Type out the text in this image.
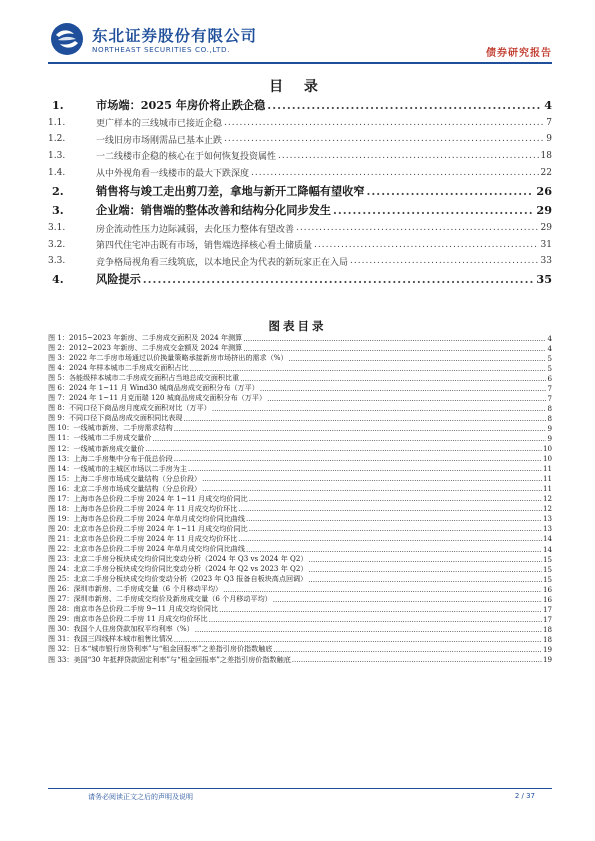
东北证券股份有限公司
NORTHEAST SECURITIES CO.,LTD.	债券研究报告
目 录
1.	市场端：2025 年房价将止跌企稳 .....	4
1.1.	更广样本的三线城市已接近企稳 .....	7
1.2.	一线旧房市场刚需品已基本止跌 .....	9
1.3.	一二线楼市企稳的核心在于如何恢复投资属性 .....	18
1.4.	从中外视角看一线楼市的最大下跌深度 .....	22
2.	销售将与竣工走出剪刀差，拿地与新开工降幅有望收窄 .....	26
3.	企业端：销售端的整体改善和结构分化同步发生 .....	29
3.1.	房企流动性压力边际减弱，去化压力整体有望改善 .....	29
3.2.	第四代住宅冲击既有市场，销售端选择核心看土储质量 .....	31
3.3.	竞争格局视角看三线筑底，以本地民企为代表的新玩家正在入局 .....	33
4.	风险提示 .....	35
图表目录
图 1：2015~2023 年新房、二手房成交面积及 2024 年测算 .....	4
图 2：2012~2023 年新房、二手房成交金额及 2024 年测算 .....	4
图 3：2022 年二手房市场通过以价换量策略承接新房市场挤出的需求（%） .....	5
图 4：2024 年样本城市二手房成交面积占比 .....	5
图 5：各能级样本城市二手房成交面积占当地总成交面积比重 .....	6
图 6：2024 年 1~11 月 Wind30 城商品房成交面积分布（万平） .....	7
图 7：2024 年 1~11 月克而瑞 120 城商品房成交面积分布（万平） .....	7
图 8：不同口径下商品房月度成交面积对比（万平） .....	8
图 9：不同口径下商品房成交面积同比表现 .....	8
图 10：一线城市新房、二手房需求结构 .....	9
图 11：一线城市二手房成交量价 .....	9
图 12：一线城市新房成交量价 .....	10
图 13：上海二手房集中分布于低总价段 .....	10
图 14：一线城市的主城区市场以二手房为主 .....	11
图 15：上海二手房市场成交量结构（分总价段） .....	11
图 16：北京二手房市场成交量结构（分总价段） .....	11
图 17：上海市各总价段二手房 2024 年 1~11 月成交均价同比 .....	12
图 18：上海市各总价段二手房 2024 年 11 月成交均价环比 .....	12
图 19：上海市各总价段二手房 2024 年单月成交均价同比曲线 .....	13
图 20：北京市各总价段二手房 2024 年 1~11 月成交均价同比 .....	13
图 21：北京市各总价段二手房 2024 年 11 月成交均价环比 .....	14
图 22：北京市各总价段二手房 2024 年单月成交均价同比曲线 .....	14
图 23：北京二手房分板块成交均价同比变动分析（2024 年 Q3 vs 2024 年 Q2） .....	15
图 24：北京二手房分板块成交均价同比变动分析（2024 年 Q2 vs 2023 年 Q2） .....	15
图 25：北京二手房分板块成交均价变动分析（2023 年 Q3 报备自板块高点回调） .....	15
图 26：深圳市新房、二手房成交量（6 个月移动平均） .....	16
图 27：深圳市新房、二手房成交均价及新房成交量（6 个月移动平均） .....	16
图 28：南京市各总价段二手房 9~11 月成交均价同比 .....	17
图 29：南京市各总价段二手房 11 月成交均价环比 .....	17
图 30：我国个人住房贷款加权平均利率（%） .....	18
图 31：我国三四线样本城市租售比情况 .....	18
图 32：日本“城市银行房贷利率”与“租金回报率”之差指引房价指数触底 .....	19
图 33：美国“30 年抵押贷款固定利率”与“租金回报率”之差指引房价指数触底 .....	19
请务必阅读正文之后的声明及说明	2 / 37
